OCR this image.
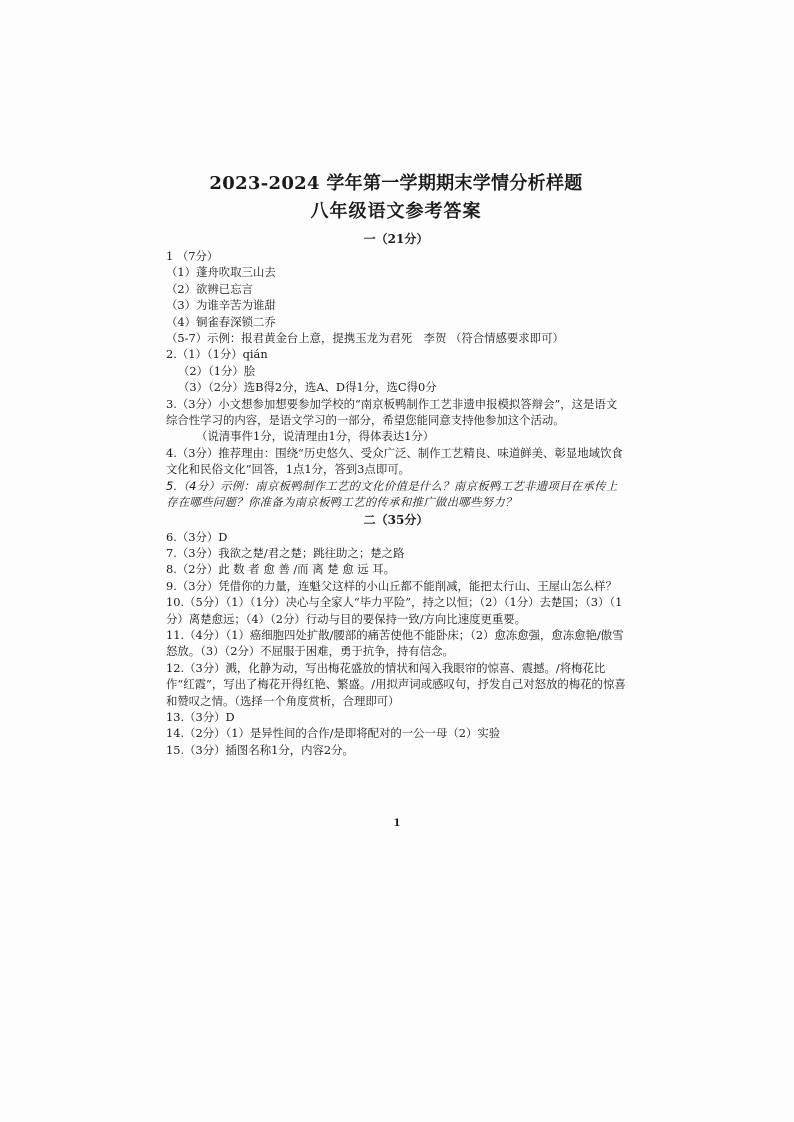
2023-2024 学年第一学期期末学情分析样题
八年级语文参考答案
一（21分）
1 （7分）
（1）蓬舟吹取三山去
（2）欲辨已忘言
（3）为谁辛苦为谁甜
（4）铜雀春深锁二乔
（5-7）示例：报君黄金台上意，提携玉龙为君死　李贺 （符合情感要求即可）
2.（1）（1分）qián
（2）（1分）脍
（3）（2分）选B得2分，选A、D得1分，选C得0分
3.（3分）小文想参加想要参加学校的“南京板鸭制作工艺非遗申报模拟答辩会”，这是语文综合性学习的内容，是语文学习的一部分，希望您能同意支持他参加这个活动。
（说清事件1分，说清理由1分，得体表达1分）
4.（3分）推荐理由：围绕“历史悠久、受众广泛、制作工艺精良、味道鲜美、彰显地域饮食文化和民俗文化”回答，1点1分，答到3点即可。
5.（4分）示例：南京板鸭制作工艺的文化价值是什么？南京板鸭工艺非遗项目在承传上存在哪些问题？你准备为南京板鸭工艺的传承和推广做出哪些努力？
二（35分）
6.（3分）D
7.（3分）我欲之楚/君之楚；跳往助之；楚之路
8.（2分）此 数 者 愈 善 /而 离 楚 愈 远 耳。
9.（3分）凭借你的力量，连魁父这样的小山丘都不能削减，能把太行山、王屋山怎么样？
10.（5分）（1）（1分）决心与全家人“毕力平险”，持之以恒；（2）（1分）去楚国；（3）（1分）离楚愈远；（4）（2分）行动与目的要保持一致/方向比速度更重要。
11.（4分）（1）癌细胞四处扩散/腰部的痛苦使他不能卧床；（2）愈冻愈强，愈冻愈艳/傲雪怒放。（3）（2分）不屈服于困难，勇于抗争，持有信念。
12.（3分）溅，化静为动，写出梅花盛放的情状和闯入我眼帘的惊喜、震撼。/将梅花比作“红霞”，写出了梅花开得红艳、繁盛。/用拟声词或感叹句，抒发自己对怒放的梅花的惊喜和赞叹之情。（选择一个角度赏析，合理即可）
13.（3分）D
14.（2分）（1）是异性间的合作/是即将配对的一公一母（2）实验
15.（3分）插图名称1分，内容2分。
1
